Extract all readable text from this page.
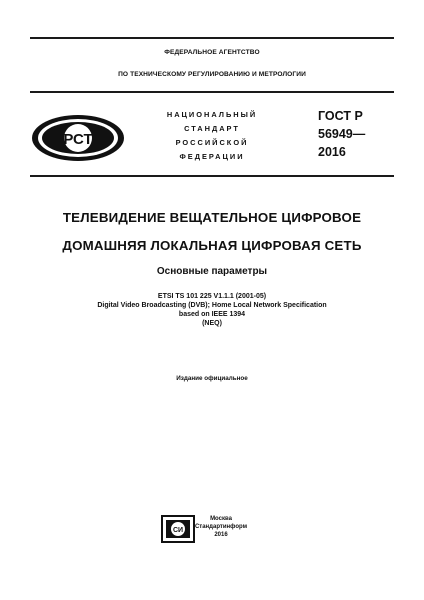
ФЕДЕРАЛЬНОЕ АГЕНТСТВО
ПО ТЕХНИЧЕСКОМУ РЕГУЛИРОВАНИЮ И МЕТРОЛОГИИ
РСТ
НАЦИОНАЛЬНЫЙ
СТАНДАРТ
РОССИЙСКОЙ
ФЕДЕРАЦИИ
ГОСТ Р
56949—
2016
ТЕЛЕВИДЕНИЕ ВЕЩАТЕЛЬНОЕ ЦИФРОВОЕ
ДОМАШНЯЯ ЛОКАЛЬНАЯ ЦИФРОВАЯ СЕТЬ
Основные параметры
ETSI TS 101 225 V1.1.1 (2001-05)
Digital Video Broadcasting (DVB); Home Local Network Specification
based on IEEE 1394
(NEQ)
Издание официальное
СИ
Москва
Стандартинформ
2016
